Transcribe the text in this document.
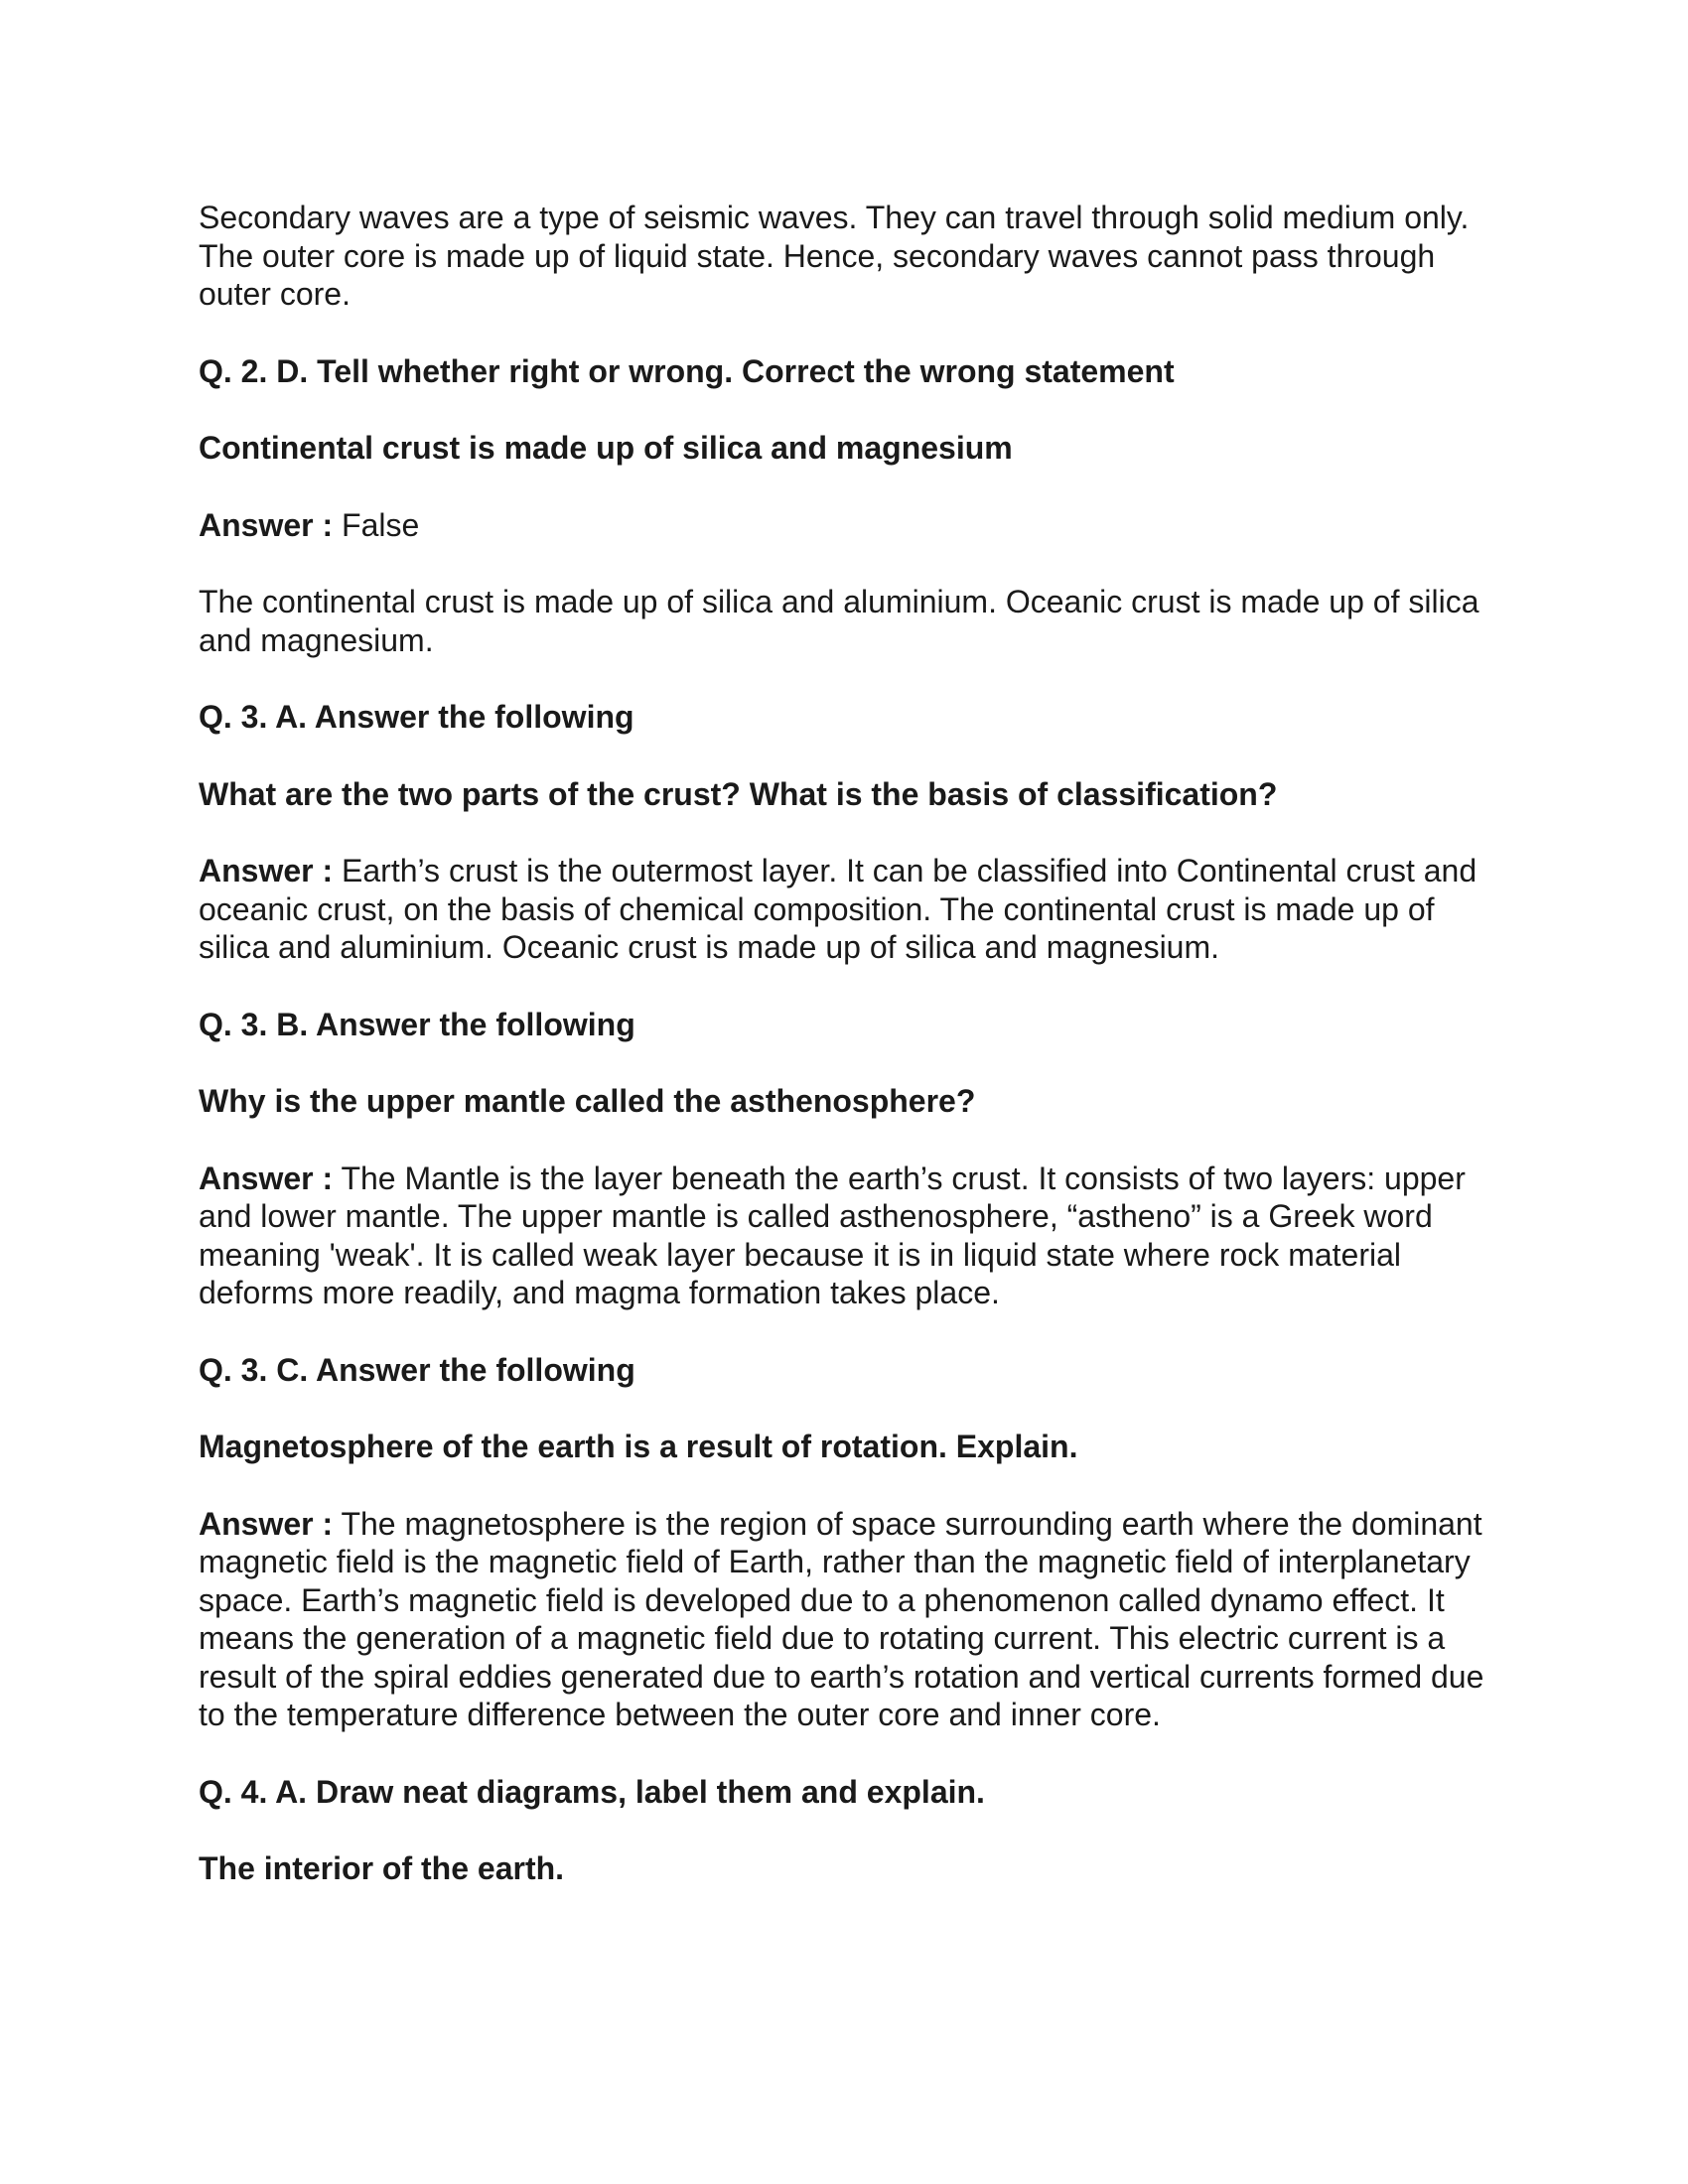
Secondary waves are a type of seismic waves. They can travel through solid medium only. The outer core is made up of liquid state. Hence, secondary waves cannot pass through outer core.

Q. 2. D. Tell whether right or wrong. Correct the wrong statement

Continental crust is made up of silica and magnesium

Answer : False

The continental crust is made up of silica and aluminium. Oceanic crust is made up of silica and magnesium.

Q. 3. A. Answer the following

What are the two parts of the crust? What is the basis of classification?

Answer : Earth’s crust is the outermost layer. It can be classified into Continental crust and oceanic crust, on the basis of chemical composition. The continental crust is made up of silica and aluminium. Oceanic crust is made up of silica and magnesium.

Q. 3. B. Answer the following

Why is the upper mantle called the asthenosphere?

Answer : The Mantle is the layer beneath the earth’s crust. It consists of two layers: upper and lower mantle. The upper mantle is called asthenosphere, “astheno” is a Greek word meaning 'weak'. It is called weak layer because it is in liquid state where rock material deforms more readily, and magma formation takes place.

Q. 3. C. Answer the following

Magnetosphere of the earth is a result of rotation. Explain.

Answer : The magnetosphere is the region of space surrounding earth where the dominant magnetic field is the magnetic field of Earth, rather than the magnetic field of interplanetary space. Earth’s magnetic field is developed due to a phenomenon called dynamo effect. It means the generation of a magnetic field due to rotating current. This electric current is a result of the spiral eddies generated due to earth’s rotation and vertical currents formed due to the temperature difference between the outer core and inner core.

Q. 4. A. Draw neat diagrams, label them and explain.

The interior of the earth.
